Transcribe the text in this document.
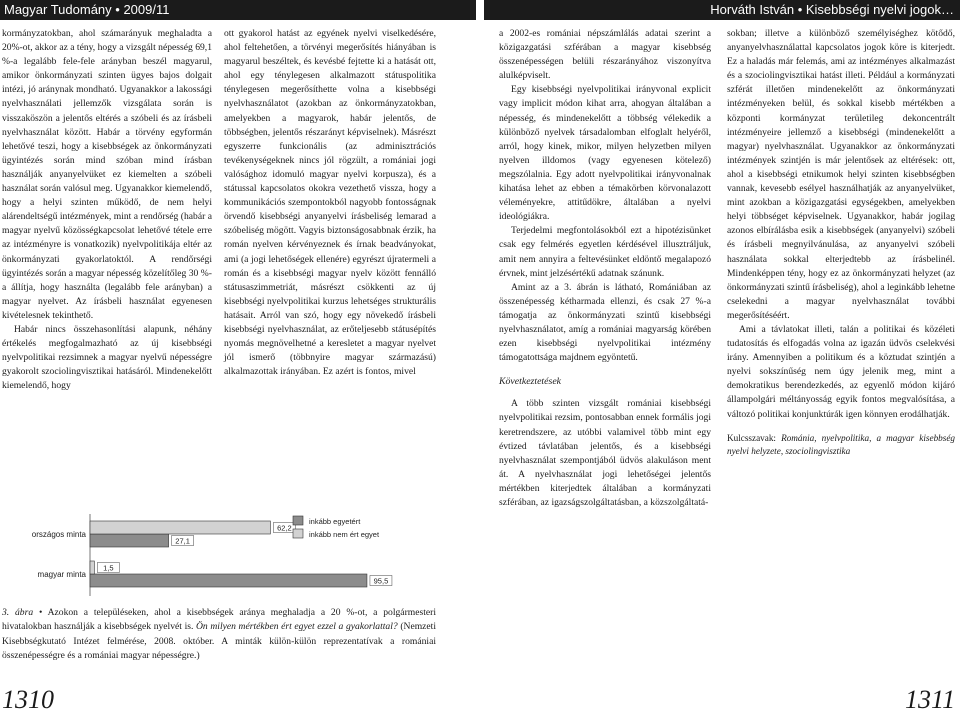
Magyar Tudomány • 2009/11	Horváth István • Kisebbségi nyelvi jogok…

kormányzatokban, ahol számarányuk meghaladta a 20%-ot, akkor az a tény, hogy a vizsgált népesség 69,1 %-a legalább fele-fele arányban beszél magyarul, amikor önkormányzati szinten ügyes bajos dolgait intézi, jó aránynak mondható. Ugyanakkor a lakossági nyelvhasználati jellemzők vizsgálata során is visszaköszön a jelentős eltérés a szóbeli és az írásbeli nyelvhasználat között. Habár a törvény egyformán lehetővé teszi, hogy a kisebbségek az önkormányzati ügyintézés során mind szóban mind írásban használják anyanyelvüket ez kiemelten a szóbeli használat során valósul meg. Ugyanakkor kiemelendő, hogy a helyi szinten működő, de nem helyi alárendeltségű intézmények, mint a rendőrség (habár a magyar nyelvű közösségkapcsolat lehetővé tétele erre az intézményre is vonatkozik) nyelvpolitikája eltér az önkormányzati gyakorlatoktól. A rendőrségi ügyintézés során a magyar népesség közelítőleg 30 %-a állítja, hogy használta (legalább fele arányban) a magyar nyelvet. Az írásbeli használat egyenesen kivételesnek tekinthető.

Habár nincs összehasonlítási alapunk, néhány értékelés megfogalmazható az új kisebbségi nyelvpolitikai rezsimnek a magyar nyelvű népességre gyakorolt szociolingvisztikai hatásáról. Mindenekelőtt kiemelendő, hogy

ott gyakorol hatást az egyének nyelvi viselkedésére, ahol feltehetően, a törvényi megerősítés hiányában is magyarul beszéltek, és kevésbé fejtette ki a hatását ott, ahol egy ténylegesen alkalmazott státuspolitika ténylegesen megerősíthette volna a kisebbségi nyelvhasználatot (azokban az önkormányzatokban, amelyekben a magyarok, habár jelentős, de többségben, jelentős részarányt képviselnek). Másrészt egyszerre funkcionális (az adminisztrációs tevékenységeknek nincs jól rögzült, a romániai jogi valósághoz idomuló magyar nyelvi korpusza), és a státussal kapcsolatos okokra vezethető vissza, hogy a kommunikációs szempontokból nagyobb fontosságnak örvendő kisebbségi anyanyelvi írásbeliség lemarad a szóbeliség mögött. Vagyis biztonságosabbnak érzik, ha román nyelven kérvényeznek és írnak beadványokat, ami (a jogi lehetőségek ellenére) egyrészt újratermeli a román és a kisebbségi magyar nyelv között fennálló státusaszimmetriát, másrészt csökkenti az új kisebbségi nyelvpolitikai kurzus lehetséges strukturális hatásait. Arról van szó, hogy egy növekedő írásbeli kisebbségi nyelvhasználat, az erőteljesebb státusépítés nyomás megnövelhetné a keresletet a magyar nyelvet jól ismerő (többnyire magyar származású) alkalmazottak irányában. Ez azért is fontos, mivel

a 2002-es romániai népszámlálás adatai szerint a közigazgatási szférában a magyar kisebbség összenépességen belüli részarányához viszonyítva alulképviselt.

Egy kisebbségi nyelvpolitikai irányvonal explicit vagy implicit módon kihat arra, ahogyan általában a népesség, és mindenekelőtt a többség vélekedik a különböző nyelvek társadalomban elfoglalt helyéről, arról, hogy kinek, mikor, milyen helyzetben milyen nyelven illdomos (vagy egyenesen kötelező) megszólalnia. Egy adott nyelvpolitikai irányvonalnak kihatása lehet az ebben a témakörben körvonalazott véleményekre, attitűdökre, általában a nyelvi ideológiákra.

Terjedelmi megfontolásokból ezt a hipotézisünket csak egy felmérés egyetlen kérdésével illusztráljuk, amit nem annyira a feltevésünket eldöntő megalapozó érvnek, mint jelzésértékű adatnak szánunk.

Amint az a 3. ábrán is látható, Romániában az összenépesség kétharmada ellenzi, és csak 27 %-a támogatja az önkormányzati szintű kisebbségi nyelvhasználatot, amíg a romániai magyarság körében ezen kisebbségi nyelvpolitikai intézmény támogatottsága majdnem egyöntetű.

Következtetések

A több szinten vizsgált romániai kisebbségi nyelvpolitikai rezsim, pontosabban ennek formális jogi keretrendszere, az utóbbi valamivel több mint egy évtized távlatában jelentős, és a kisebbségi nyelvhasználat szempontjából üdvös alakuláson ment át. A nyelvhasználat jogi lehetőségei jelentős mértékben kiterjedtek általában a kormányzati szférában, az igazságszolgáltatásban, a közszolgáltatá-

sokban; illetve a különböző személyiséghez kötődő, anyanyelvhasználattal kapcsolatos jogok köre is kiterjedt. Ez a haladás már felemás, ami az intézményes alkalmazást és a szociolingvisztikai hatást illeti. Például a kormányzati szférát illetően mindenekelőtt az önkormányzati intézményeken belül, és sokkal kisebb mértékben a központi kormányzat területileg dekoncentrált intézményeire jellemző a kisebbségi (mindenekelőtt a magyar) nyelvhasználat. Ugyanakkor az önkormányzati intézmények szintjén is már jelentősek az eltérések: ott, ahol a kisebbségi etnikumok helyi szinten kisebbségben vannak, kevesebb esélyel használhatják az anyanyelvüket, mint azokban a közigazgatási egységekben, amelyekben helyi többséget képviselnek. Ugyanakkor, habár jogilag azonos elbírálásba esik a kisebbségek (anyanyelvi) szóbeli és írásbeli megnyilvánulása, az anyanyelvi szóbeli használata sokkal elterjedtebb az írásbelinél. Mindenképpen tény, hogy ez az önkormányzati helyzet (az önkormányzati szintű írásbeliség), ahol a leginkább lehetne cselekedni a magyar nyelvhasználat további megerősítéséért.

Ami a távlatokat illeti, talán a politikai és közéleti tudatosítás és elfogadás volna az igazán üdvös cselekvési irány. Amennyiben a politikum és a köztudat szintjén a nyelvi sokszínűség nem úgy jelenik meg, mint a demokratikus berendezkedés, az egyenlő módon kijáró állampolgári méltányosság egyik fontos megvalósítása, a változó politikai konjunktúrák igen könnyen erodálhatják.

Kulcsszavak: Románia, nyelvpolitika, a magyar kisebbség nyelvi helyzete, szociolingvisztika

országos minta
27,1
62,2
magyar minta
95,5
1,5
inkább egyetért
inkább nem ért egyet
3. ábra • Azokon a településeken, ahol a kisebbségek aránya meghaladja a 20 %-ot, a polgármesteri hivatalokban használják a kisebbségek nyelvét is. Ön milyen mértékben ért egyet ezzel a gyakorlattal? (Nemzeti Kisebbségkutató Intézet felmérése, 2008. október. A minták külön-külön reprezentatívak a romániai összenépességre és a romániai magyar népességre.)
1310	1311
